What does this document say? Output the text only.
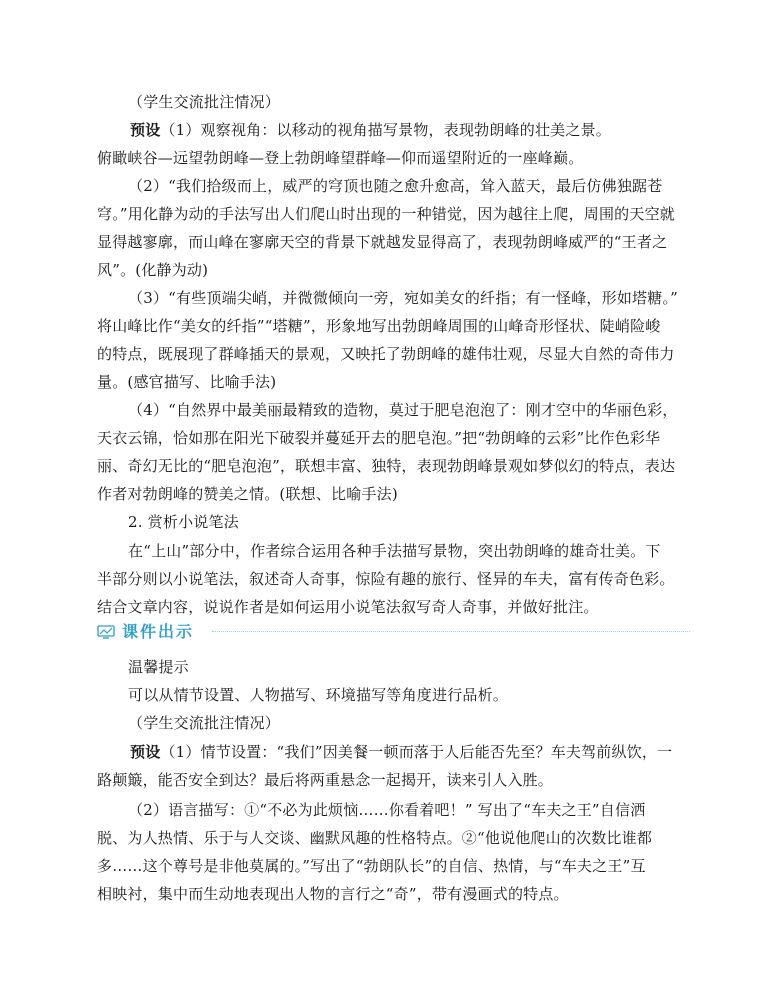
（学生交流批注情况）
预设（1）观察视角：以移动的视角描写景物，表现勃朗峰的壮美之景。
俯瞰峡谷—远望勃朗峰—登上勃朗峰望群峰—仰而遥望附近的一座峰巅。
（2）“我们拾级而上，威严的穹顶也随之愈升愈高，耸入蓝天，最后仿佛独踞苍
穹。”用化静为动的手法写出人们爬山时出现的一种错觉，因为越往上爬，周围的天空就
显得越寥廓，而山峰在寥廓天空的背景下就越发显得高了，表现勃朗峰威严的“王者之
风”。(化静为动)
（3）“有些顶端尖峭，并微微倾向一旁，宛如美女的纤指；有一怪峰，形如塔糖。”
将山峰比作“美女的纤指”“塔糖”，形象地写出勃朗峰周围的山峰奇形怪状、陡峭险峻
的特点，既展现了群峰插天的景观，又映托了勃朗峰的雄伟壮观，尽显大自然的奇伟力
量。(感官描写、比喻手法)
（4）“自然界中最美丽最精致的造物，莫过于肥皂泡泡了：刚才空中的华丽色彩，
天衣云锦，恰如那在阳光下破裂并蔓延开去的肥皂泡。”把“勃朗峰的云彩”比作色彩华
丽、奇幻无比的“肥皂泡泡”，联想丰富、独特，表现勃朗峰景观如梦似幻的特点，表达
作者对勃朗峰的赞美之情。(联想、比喻手法)
2. 赏析小说笔法
在“上山”部分中，作者综合运用各种手法描写景物，突出勃朗峰的雄奇壮美。下
半部分则以小说笔法，叙述奇人奇事，惊险有趣的旅行、怪异的车夫，富有传奇色彩。
结合文章内容，说说作者是如何运用小说笔法叙写奇人奇事，并做好批注。
温馨提示
可以从情节设置、人物描写、环境描写等角度进行品析。
（学生交流批注情况）
预设（1）情节设置：“我们”因美餐一顿而落于人后能否先至？车夫驾前纵饮，一
路颠簸，能否安全到达？最后将两重悬念一起揭开，读来引人入胜。
（2）语言描写：①“不必为此烦恼……你看着吧！” 写出了“车夫之王”自信洒
脱、为人热情、乐于与人交谈、幽默风趣的性格特点。②“他说他爬山的次数比谁都
多……这个尊号是非他莫属的。”写出了“勃朗队长”的自信、热情，与“车夫之王”互
相映衬，集中而生动地表现出人物的言行之“奇”，带有漫画式的特点。
课件出示
